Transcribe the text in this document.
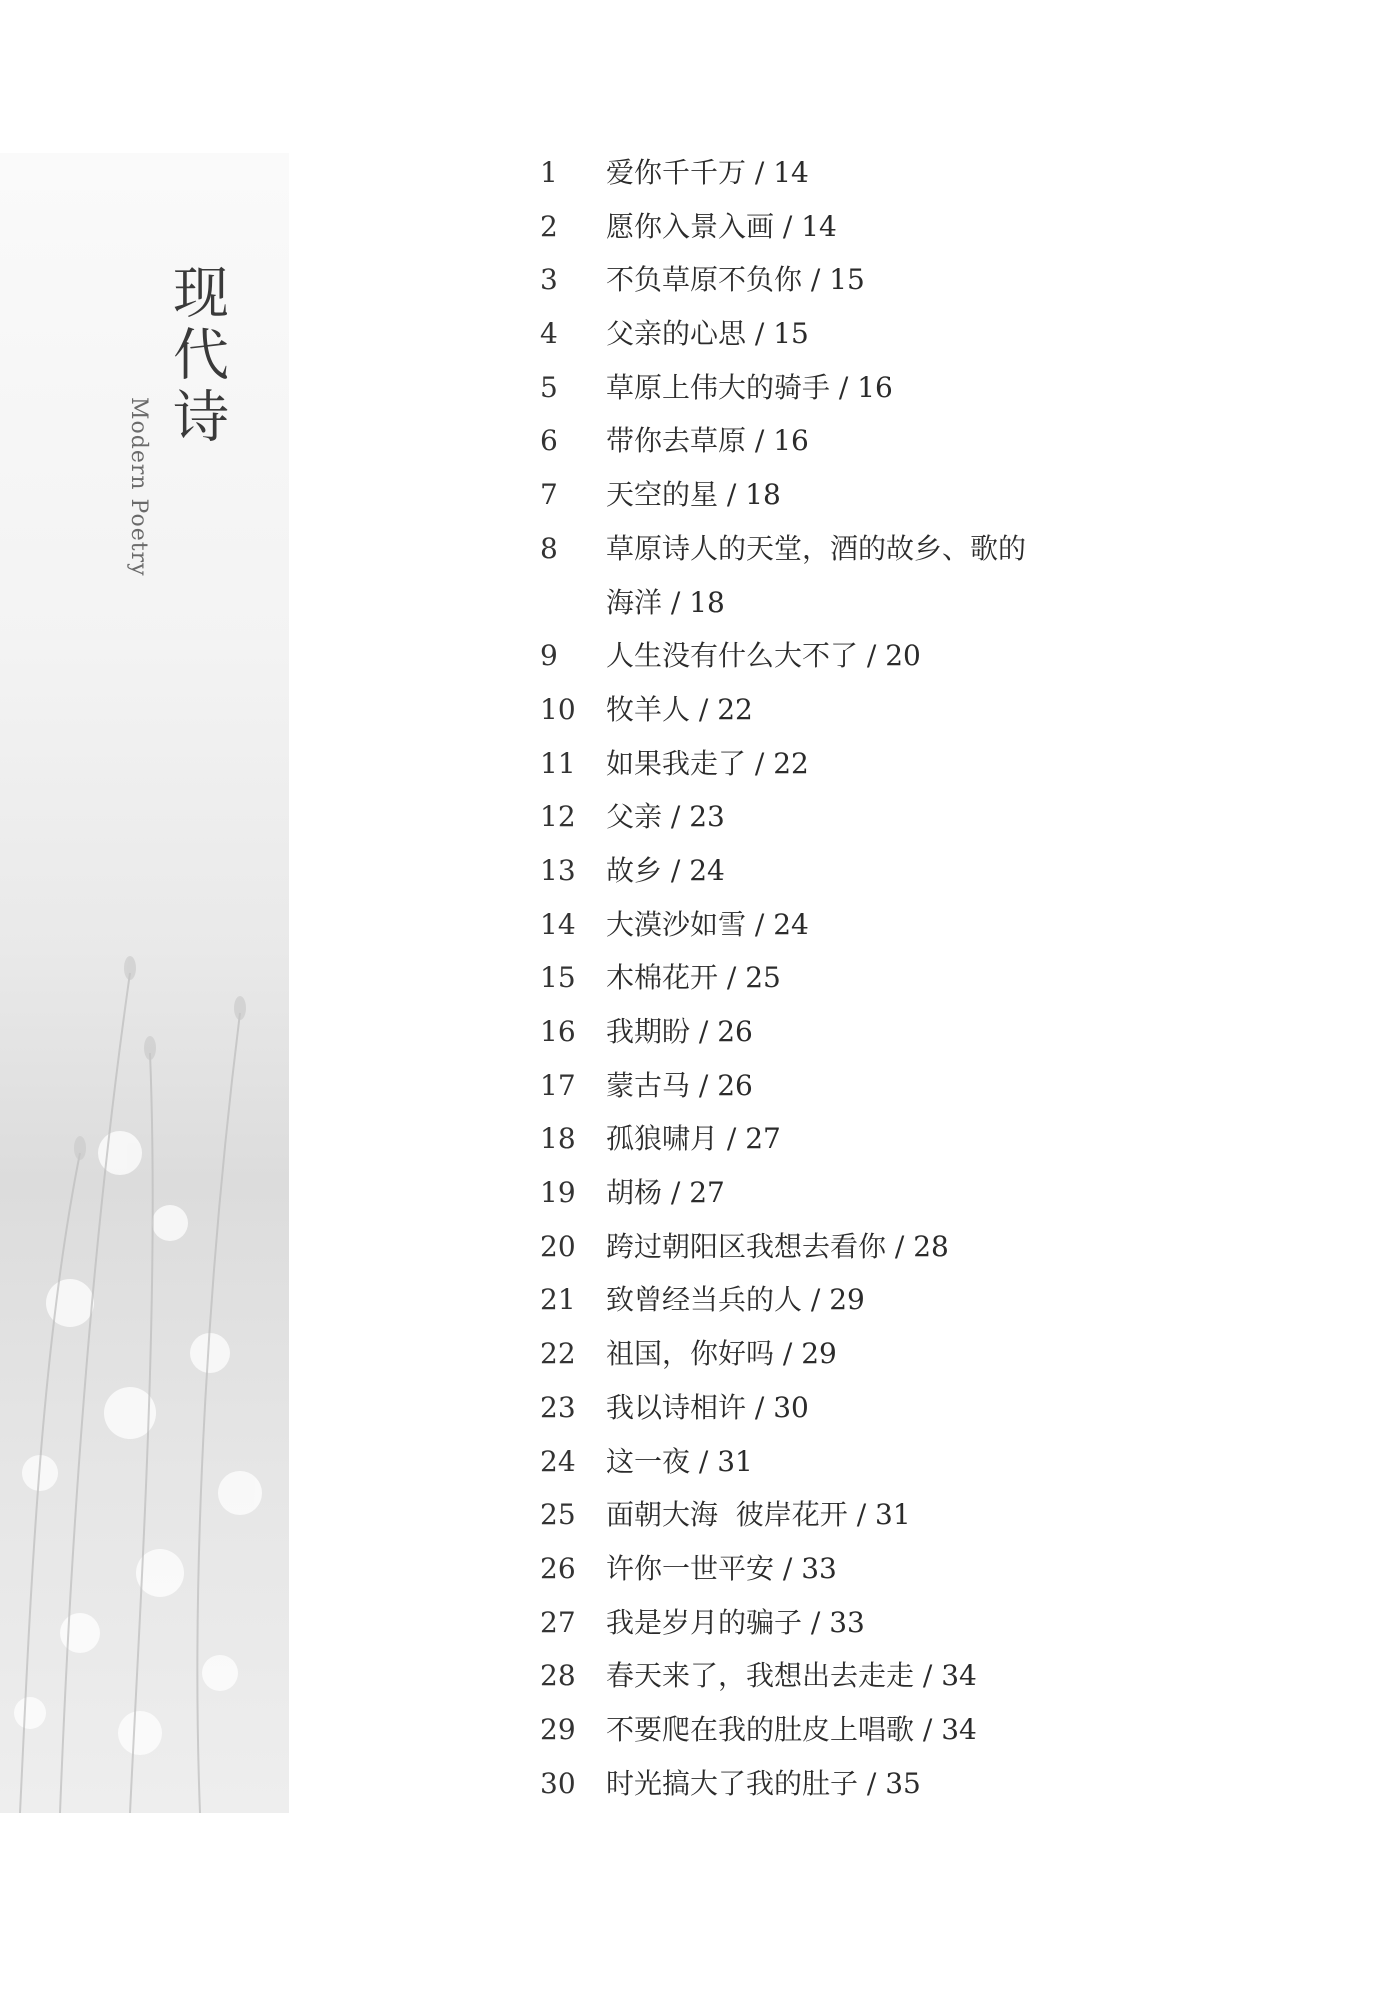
现代诗
Modern Poetry
1 爱你千千万 / 14
2 愿你入景入画 / 14
3 不负草原不负你 / 15
4 父亲的心思 / 15
5 草原上伟大的骑手 / 16
6 带你去草原 / 16
7 天空的星 / 18
8 草原诗人的天堂，酒的故乡、歌的海洋 / 18
9 人生没有什么大不了 / 20
10 牧羊人 / 22
11 如果我走了 / 22
12 父亲 / 23
13 故乡 / 24
14 大漠沙如雪 / 24
15 木棉花开 / 25
16 我期盼 / 26
17 蒙古马 / 26
18 孤狼啸月 / 27
19 胡杨 / 27
20 跨过朝阳区我想去看你 / 28
21 致曾经当兵的人 / 29
22 祖国，你好吗 / 29
23 我以诗相许 / 30
24 这一夜 / 31
25 面朝大海  彼岸花开 / 31
26 许你一世平安 / 33
27 我是岁月的骗子 / 33
28 春天来了，我想出去走走 / 34
29 不要爬在我的肚皮上唱歌 / 34
30 时光搞大了我的肚子 / 35
